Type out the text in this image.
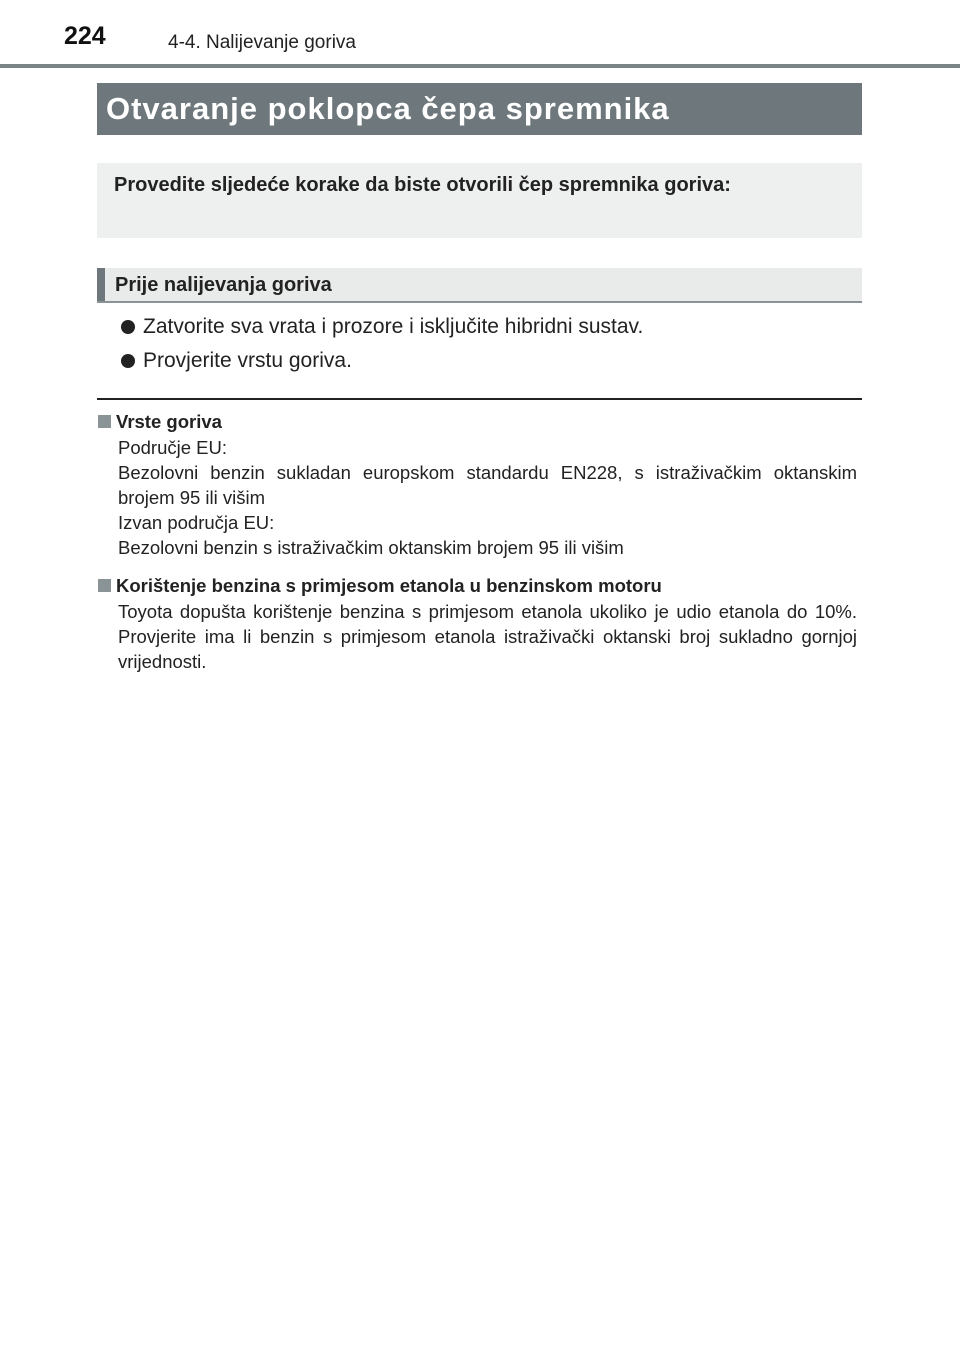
224	4-4. Nalijevanje goriva
Otvaranje poklopca čepa spremnika
Provedite sljedeće korake da biste otvorili čep spremnika goriva:
Prije nalijevanja goriva
Zatvorite sva vrata i prozore i isključite hibridni sustav.
Provjerite vrstu goriva.
Vrste goriva
Područje EU:
Bezolovni benzin sukladan europskom standardu EN228, s istraživačkim oktanskim brojem 95 ili višim
Izvan područja EU:
Bezolovni benzin s istraživačkim oktanskim brojem 95 ili višim
Korištenje benzina s primjesom etanola u benzinskom motoru
Toyota dopušta korištenje benzina s primjesom etanola ukoliko je udio etanola do 10%. Provjerite ima li benzin s primjesom etanola istraživački oktanski broj sukladno gornjoj vrijednosti.
